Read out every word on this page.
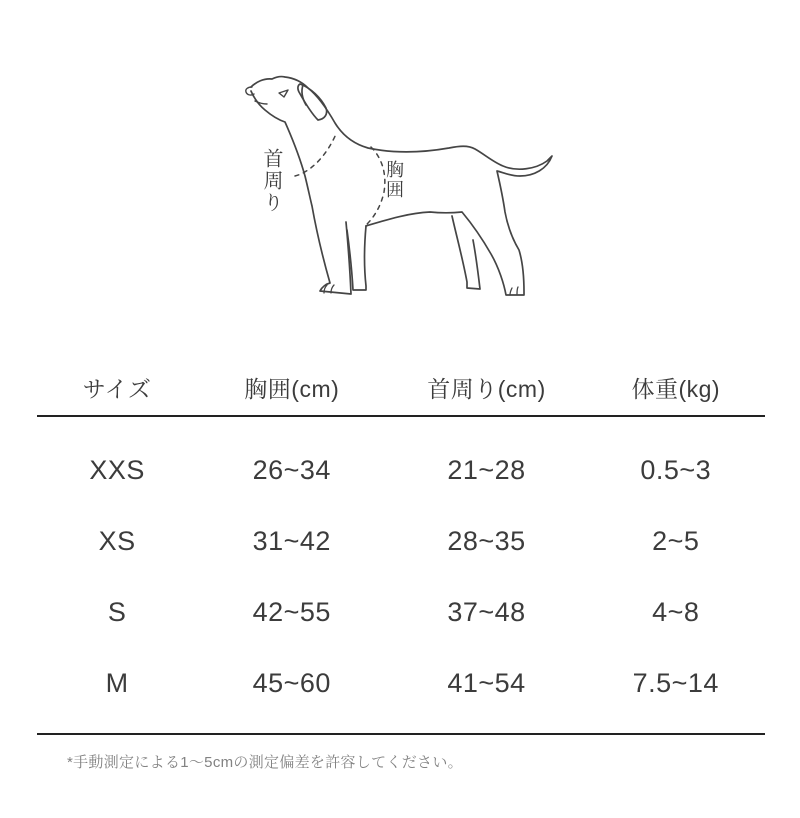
首周り	胸囲
サイズ	胸囲(cm)	首周り(cm)	体重(kg)
XXS	26~34	21~28	0.5~3
XS	31~42	28~35	2~5
S	42~55	37~48	4~8
M	45~60	41~54	7.5~14
*手動測定による1〜5cmの測定偏差を許容してください。
